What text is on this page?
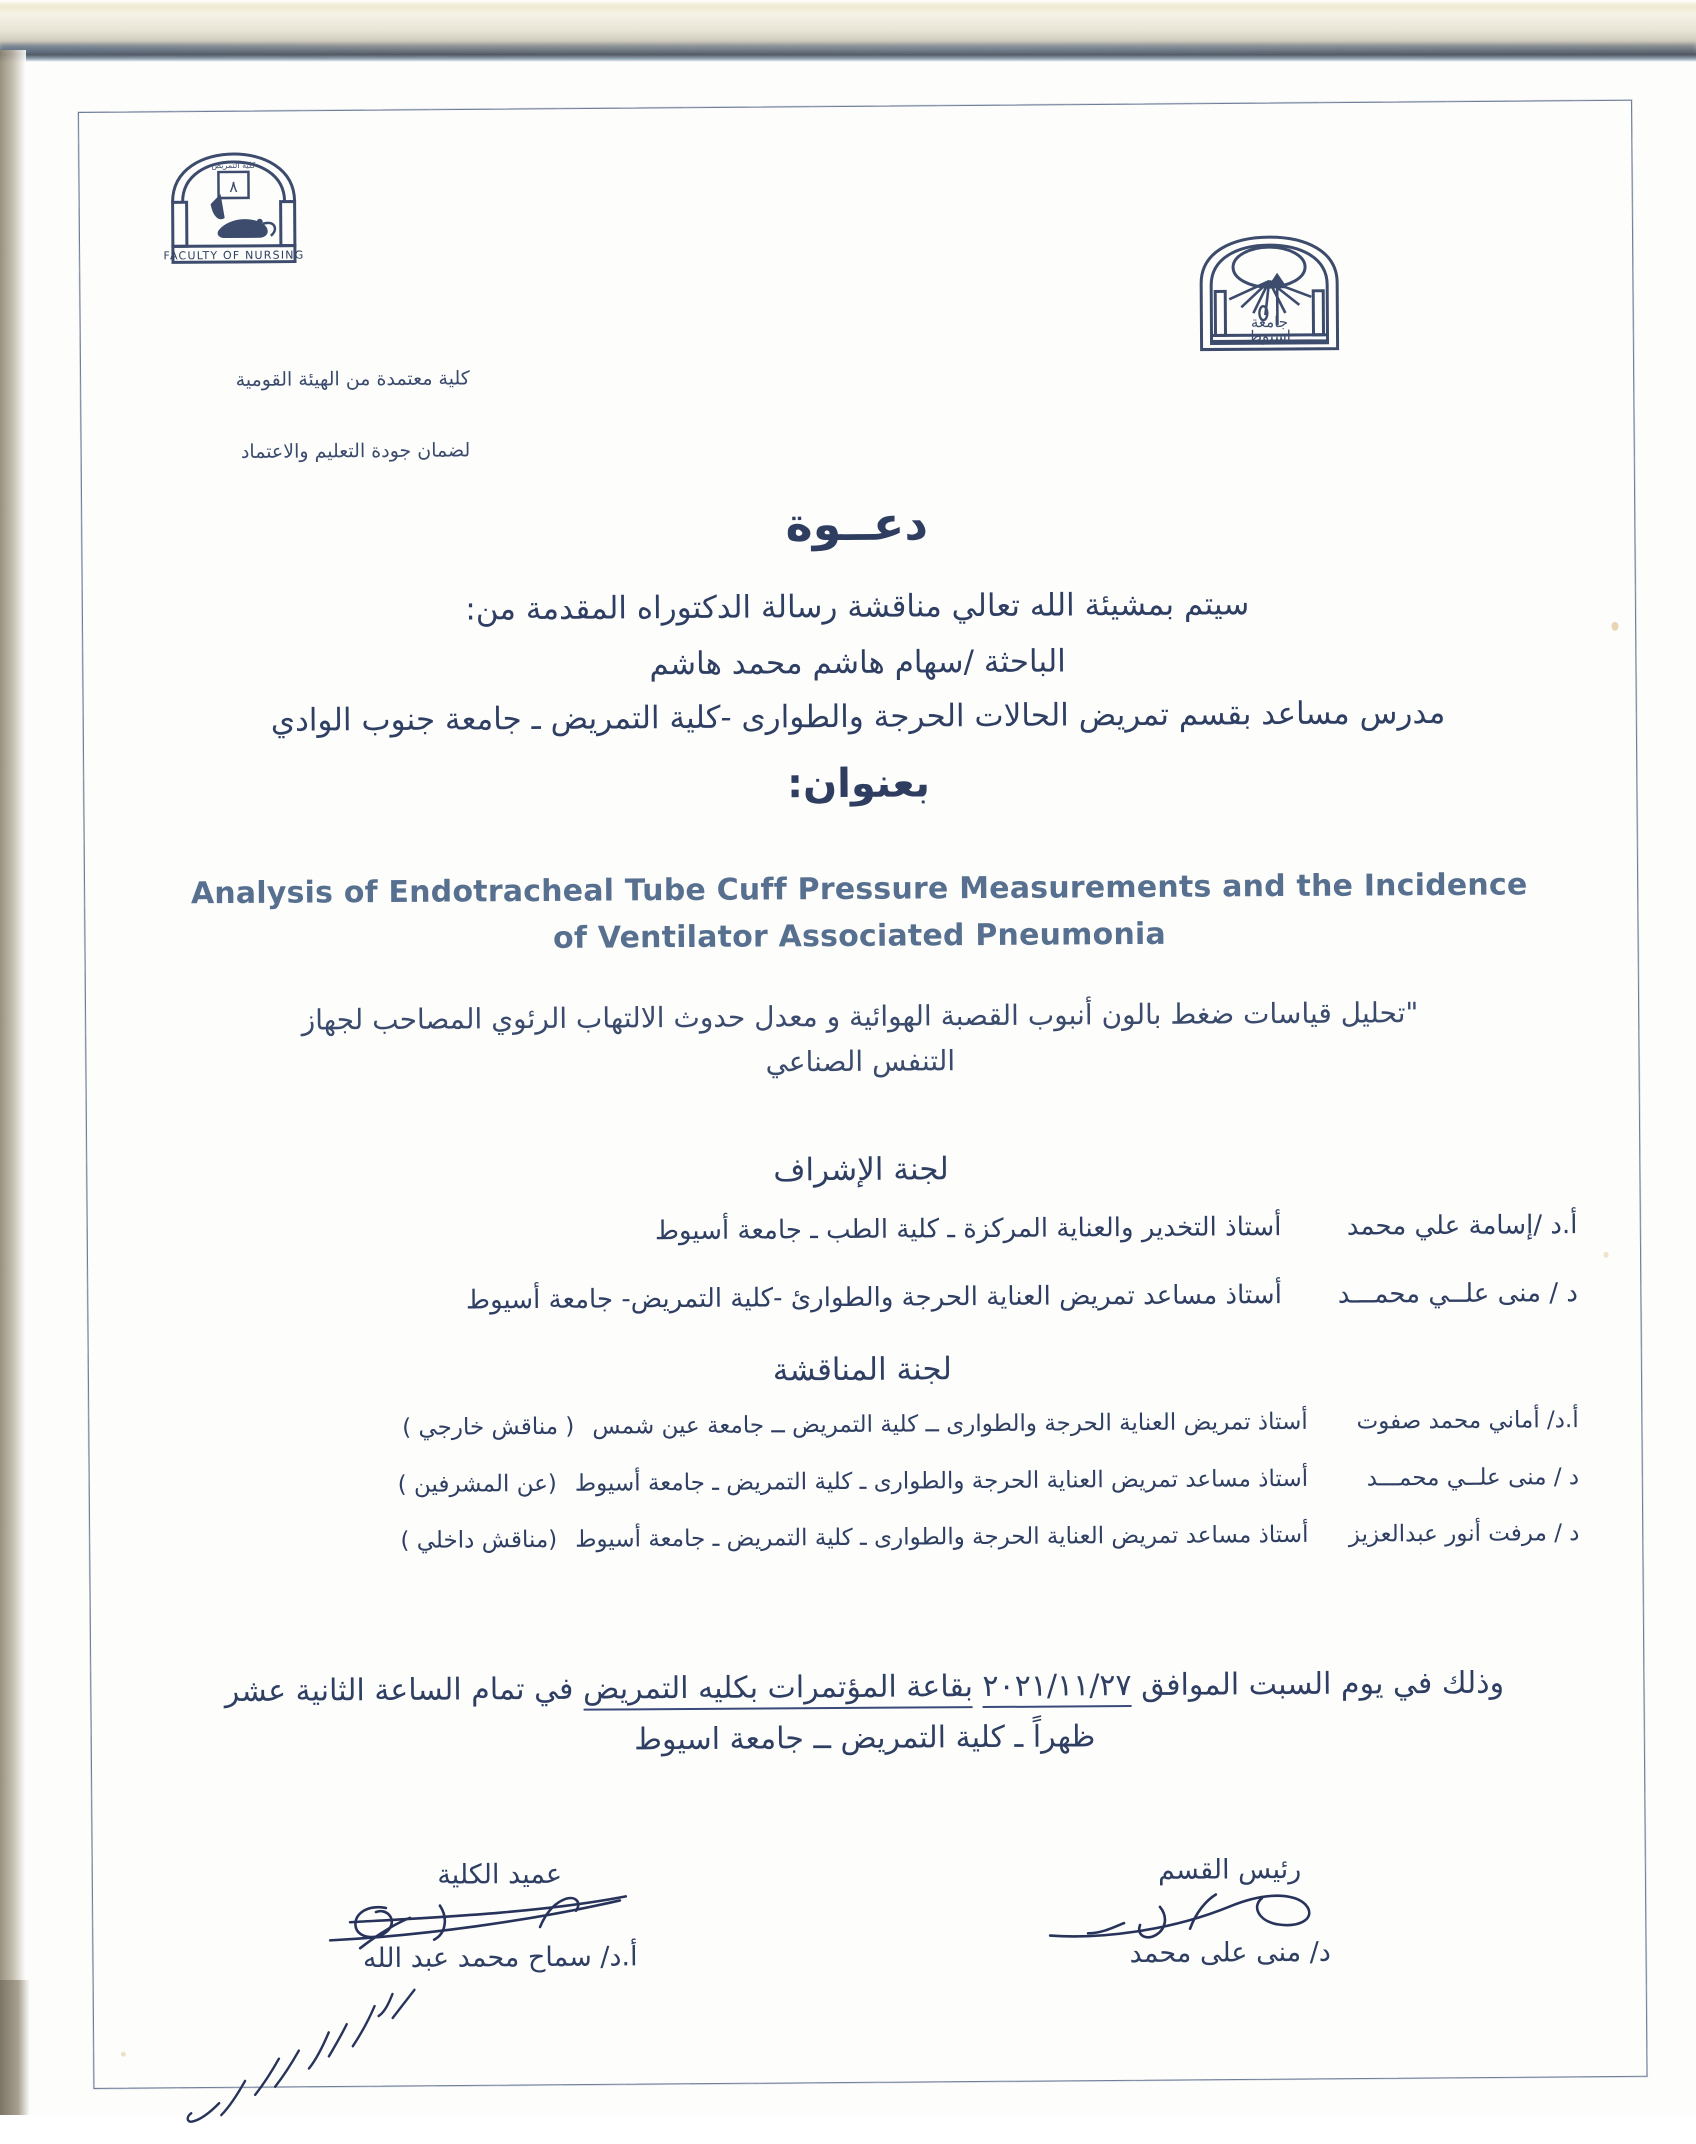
٨
FACULTY OF NURSING
كلية التمريض
جامعة
اسيوط
كلية معتمدة من الهيئة القومية
لضمان جودة التعليم والاعتماد
دعــوة
سيتم بمشيئة الله تعالي مناقشة رسالة الدكتوراه المقدمة من:
الباحثة /سهام هاشم محمد هاشم
مدرس مساعد بقسم تمريض الحالات الحرجة والطوارى -كلية التمريض ـ جامعة جنوب الوادي
بعنوان:
Analysis of Endotracheal Tube Cuff Pressure Measurements and the Incidence
of Ventilator Associated Pneumonia
"تحليل قياسات ضغط بالون أنبوب القصبة الهوائية و معدل حدوث الالتهاب الرئوي المصاحب لجهاز
التنفس الصناعي
لجنة الإشراف
أ.د /إسامة علي محمد
أستاذ التخدير والعناية المركزة ـ كلية الطب ـ جامعة أسيوط
د / منى علــي محمـــد
أستاذ مساعد تمريض العناية الحرجة والطوارئ -كلية التمريض- جامعة أسيوط
لجنة المناقشة
أ.د/ أماني محمد صفوت
أستاذ تمريض العناية الحرجة والطوارى ــ كلية التمريض ــ جامعة عين شمس
( مناقش خارجي )
د / منى علــي محمـــد
أستاذ مساعد تمريض العناية الحرجة والطوارى ـ كلية التمريض ـ جامعة أسيوط
(عن المشرفين )
د / مرفت أنور عبدالعزيز
أستاذ مساعد تمريض العناية الحرجة والطوارى ـ كلية التمريض ـ جامعة أسيوط
(مناقش داخلي )
وذلك في يوم السبت الموافق ٢٠٢١/١١/٢٧ بقاعة المؤتمرات بكليه التمريض في تمام الساعة الثانية عشر
ظهراً ـ كلية التمريض ــ جامعة اسيوط
رئيس القسم
د/ منى على محمد
عميد الكلية
أ.د/ سماح محمد عبد الله
